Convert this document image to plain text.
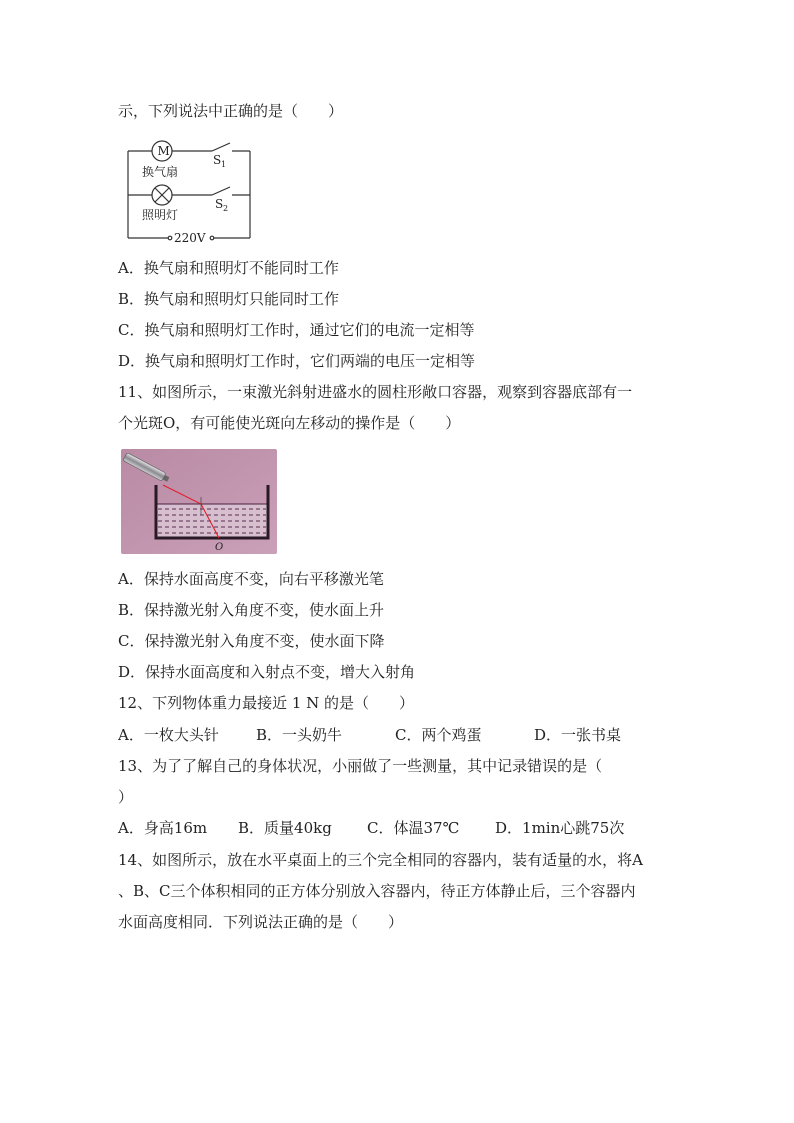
示，下列说法中正确的是（　　）
M
换气扇
照明灯
S 1
S 2
220V
A．换气扇和照明灯不能同时工作
B．换气扇和照明灯只能同时工作
C．换气扇和照明灯工作时，通过它们的电流一定相等
D．换气扇和照明灯工作时，它们两端的电压一定相等
11、如图所示，一束激光斜射进盛水的圆柱形敞口容器，观察到容器底部有一
个光斑O，有可能使光斑向左移动的操作是（　　）
O
A．保持水面高度不变，向右平移激光笔
B．保持激光射入角度不变，使水面上升
C．保持激光射入角度不变，使水面下降
D．保持水面高度和入射点不变，增大入射角
12、下列物体重力最接近 1 N 的是（　　）
A．一枚大头针 B．一头奶牛	C．两个鸡蛋	D．一张书桌
13、为了了解自己的身体状况，小丽做了一些测量，其中记录错误的是（
）
A．身高16m B．质量40kg C．体温37℃ D．1min心跳75次
14、如图所示，放在水平桌面上的三个完全相同的容器内，装有适量的水，将A
、B、C三个体积相同的正方体分别放入容器内，待正方体静止后，三个容器内
水面高度相同．下列说法正确的是（　　）
